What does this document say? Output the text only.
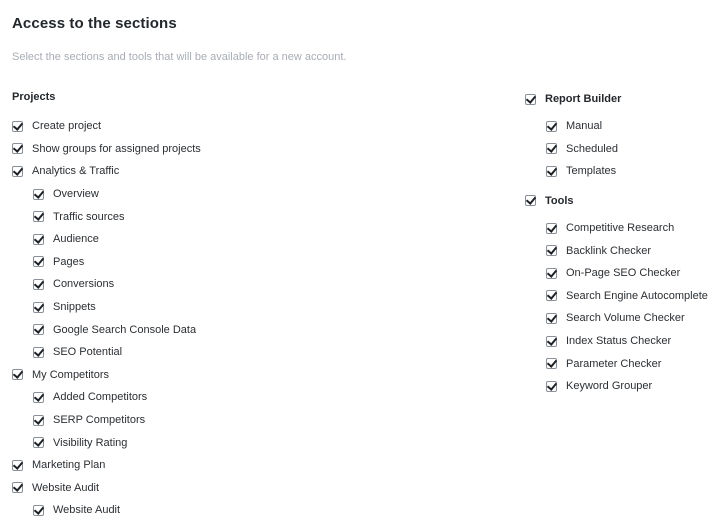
Access to the sections

Select the sections and tools that will be available for a new account.

Projects
Create project
Show groups for assigned projects
Analytics & Traffic
Overview
Traffic sources
Audience
Pages
Conversions
Snippets
Google Search Console Data
SEO Potential
My Competitors
Added Competitors
SERP Competitors
Visibility Rating
Marketing Plan
Website Audit
Website Audit
Report Builder
Manual
Scheduled
Templates
Tools
Competitive Research
Backlink Checker
On-Page SEO Checker
Search Engine Autocomplete
Search Volume Checker
Index Status Checker
Parameter Checker
Keyword Grouper
